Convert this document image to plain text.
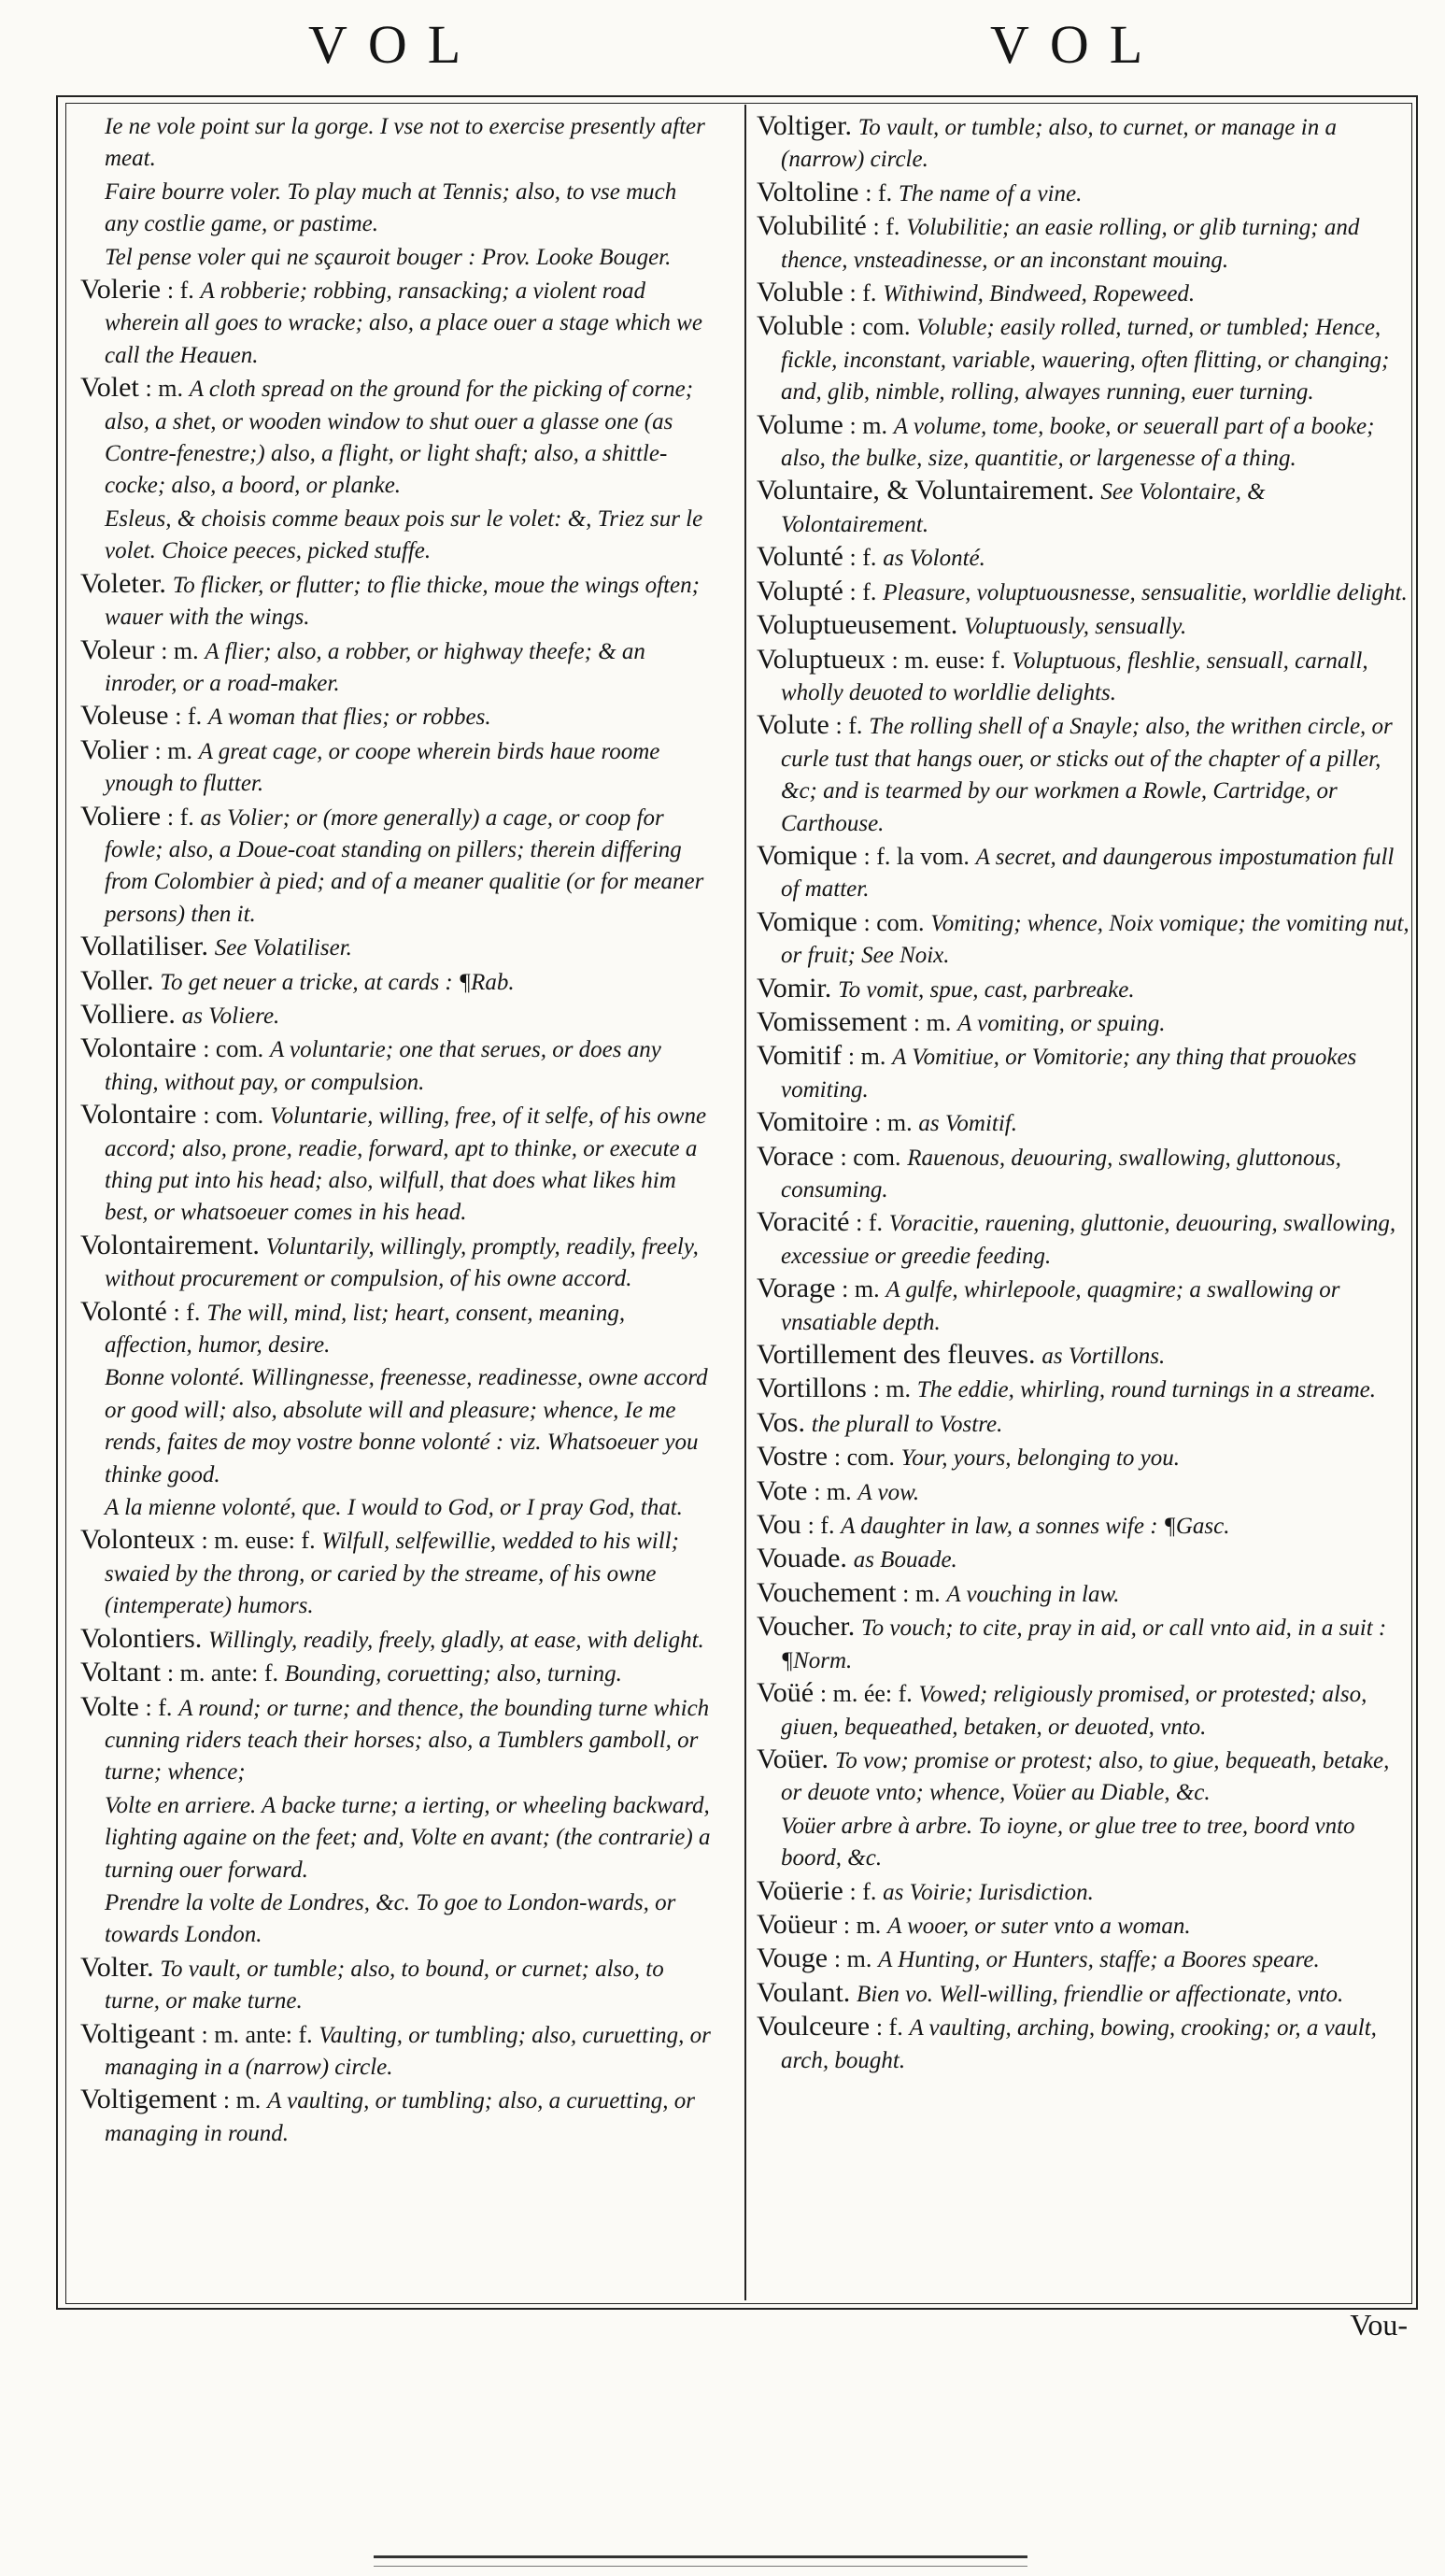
VOL	VOL
Ie ne vole point sur la gorge. I vse not to exercise presently after meat.
Faire bourre voler. To play much at Tennis; also, to vse much any costlie game, or pastime.
Tel pense voler qui ne sçauroit bouger : Prov. Looke Bouger.
Volerie : f. A robberie; robbing, ransacking; a violent road wherein all goes to wracke; also, a place ouer a stage which we call the Heauen.
Volet : m. A cloth spread on the ground for the picking of corne; also, a shet, or wooden window to shut ouer a glasse one (as Contre-fenestre;) also, a flight, or light shaft; also, a shittle-cocke; also, a boord, or planke.
Esleus, & choisis comme beaux pois sur le volet: &, Triez sur le volet. Choice peeces, picked stuffe.
Voleter. To flicker, or flutter; to flie thicke, moue the wings often; wauer with the wings.
Voleur : m. A flier; also, a robber, or highway theefe; & an inroder, or a road-maker.
Voleuse : f. A woman that flies; or robbes.
Volier : m. A great cage, or coope wherein birds haue roome ynough to flutter.
Voliere : f. as Volier; or (more generally) a cage, or coop for fowle; also, a Doue-coat standing on pillers; therein differing from Colombier à pied; and of a meaner qualitie (or for meaner persons) then it.
Vollatiliser. See Volatiliser.
Voller. To get neuer a tricke, at cards : ¶Rab.
Volliere. as Voliere.
Volontaire : com. A voluntarie; one that serues, or does any thing, without pay, or compulsion.
Volontaire : com. Voluntarie, willing, free, of it selfe, of his owne accord; also, prone, readie, forward, apt to thinke, or execute a thing put into his head; also, wilfull, that does what likes him best, or whatsoeuer comes in his head.
Volontairement. Voluntarily, willingly, promptly, readily, freely, without procurement or compulsion, of his owne accord.
Volonté : f. The will, mind, list; heart, consent, meaning, affection, humor, desire.
Bonne volonté. Willingnesse, freenesse, readinesse, owne accord or good will; also, absolute will and pleasure; whence, Ie me rends, faites de moy vostre bonne volonté : viz. Whatsoeuer you thinke good.
A la mienne volonté, que. I would to God, or I pray God, that.
Volonteux : m. euse: f. Wilfull, selfewillie, wedded to his will; swaied by the throng, or caried by the streame, of his owne (intemperate) humors.
Volontiers. Willingly, readily, freely, gladly, at ease, with delight.
Voltant : m. ante: f. Bounding, coruetting; also, turning.
Volte : f. A round; or turne; and thence, the bounding turne which cunning riders teach their horses; also, a Tumblers gamboll, or turne; whence;
Volte en arriere. A backe turne; a ierting, or wheeling backward, lighting againe on the feet; and, Volte en avant; (the contrarie) a turning ouer forward.
Prendre la volte de Londres, &c. To goe to London-wards, or towards London.
Volter. To vault, or tumble; also, to bound, or curnet; also, to turne, or make turne.
Voltigeant : m. ante: f. Vaulting, or tumbling; also, curuetting, or managing in a (narrow) circle.
Voltigement : m. A vaulting, or tumbling; also, a curuetting, or managing in round.
Voltiger. To vault, or tumble; also, to curnet, or manage in a (narrow) circle.
Voltoline : f. The name of a vine.
Volubilité : f. Volubilitie; an easie rolling, or glib turning; and thence, vnsteadinesse, or an inconstant mouing.
Voluble : f. Withiwind, Bindweed, Ropeweed.
Voluble : com. Voluble; easily rolled, turned, or tumbled; Hence, fickle, inconstant, variable, wauering, often flitting, or changing; and, glib, nimble, rolling, alwayes running, euer turning.
Volume : m. A volume, tome, booke, or seuerall part of a booke; also, the bulke, size, quantitie, or largenesse of a thing.
Voluntaire, & Voluntairement. See Volontaire, & Volontairement.
Volunté : f. as Volonté.
Volupté : f. Pleasure, voluptuousnesse, sensualitie, worldlie delight.
Voluptueusement. Voluptuously, sensually.
Voluptueux : m. euse: f. Voluptuous, fleshlie, sensuall, carnall, wholly deuoted to worldlie delights.
Volute : f. The rolling shell of a Snayle; also, the writhen circle, or curle tust that hangs ouer, or sticks out of the chapter of a piller, &c; and is tearmed by our workmen a Rowle, Cartridge, or Carthouse.
Vomique : f. la vom. A secret, and daungerous impostumation full of matter.
Vomique : com. Vomiting; whence, Noix vomique; the vomiting nut, or fruit; See Noix.
Vomir. To vomit, spue, cast, parbreake.
Vomissement : m. A vomiting, or spuing.
Vomitif : m. A Vomitiue, or Vomitorie; any thing that prouokes vomiting.
Vomitoire : m. as Vomitif.
Vorace : com. Rauenous, deuouring, swallowing, gluttonous, consuming.
Voracité : f. Voracitie, rauening, gluttonie, deuouring, swallowing, excessiue or greedie feeding.
Vorage : m. A gulfe, whirlepoole, quagmire; a swallowing or vnsatiable depth.
Vortillement des fleuves. as Vortillons.
Vortillons : m. The eddie, whirling, round turnings in a streame.
Vos. the plurall to Vostre.
Vostre : com. Your, yours, belonging to you.
Vote : m. A vow.
Vou : f. A daughter in law, a sonnes wife : ¶Gasc.
Vouade. as Bouade.
Vouchement : m. A vouching in law.
Voucher. To vouch; to cite, pray in aid, or call vnto aid, in a suit : ¶Norm.
Voüé : m. ée: f. Vowed; religiously promised, or protested; also, giuen, bequeathed, betaken, or deuoted, vnto.
Voüer. To vow; promise or protest; also, to giue, bequeath, betake, or deuote vnto; whence, Voüer au Diable, &c.
Voüer arbre à arbre. To ioyne, or glue tree to tree, boord vnto boord, &c.
Voüerie : f. as Voirie; Iurisdiction.
Voüeur : m. A wooer, or suter vnto a woman.
Vouge : m. A Hunting, or Hunters, staffe; a Boores speare.
Voulant. Bien vo. Well-willing, friendlie or affectionate, vnto.
Voulceure : f. A vaulting, arching, bowing, crooking; or, a vault, arch, bought.
Vou-
